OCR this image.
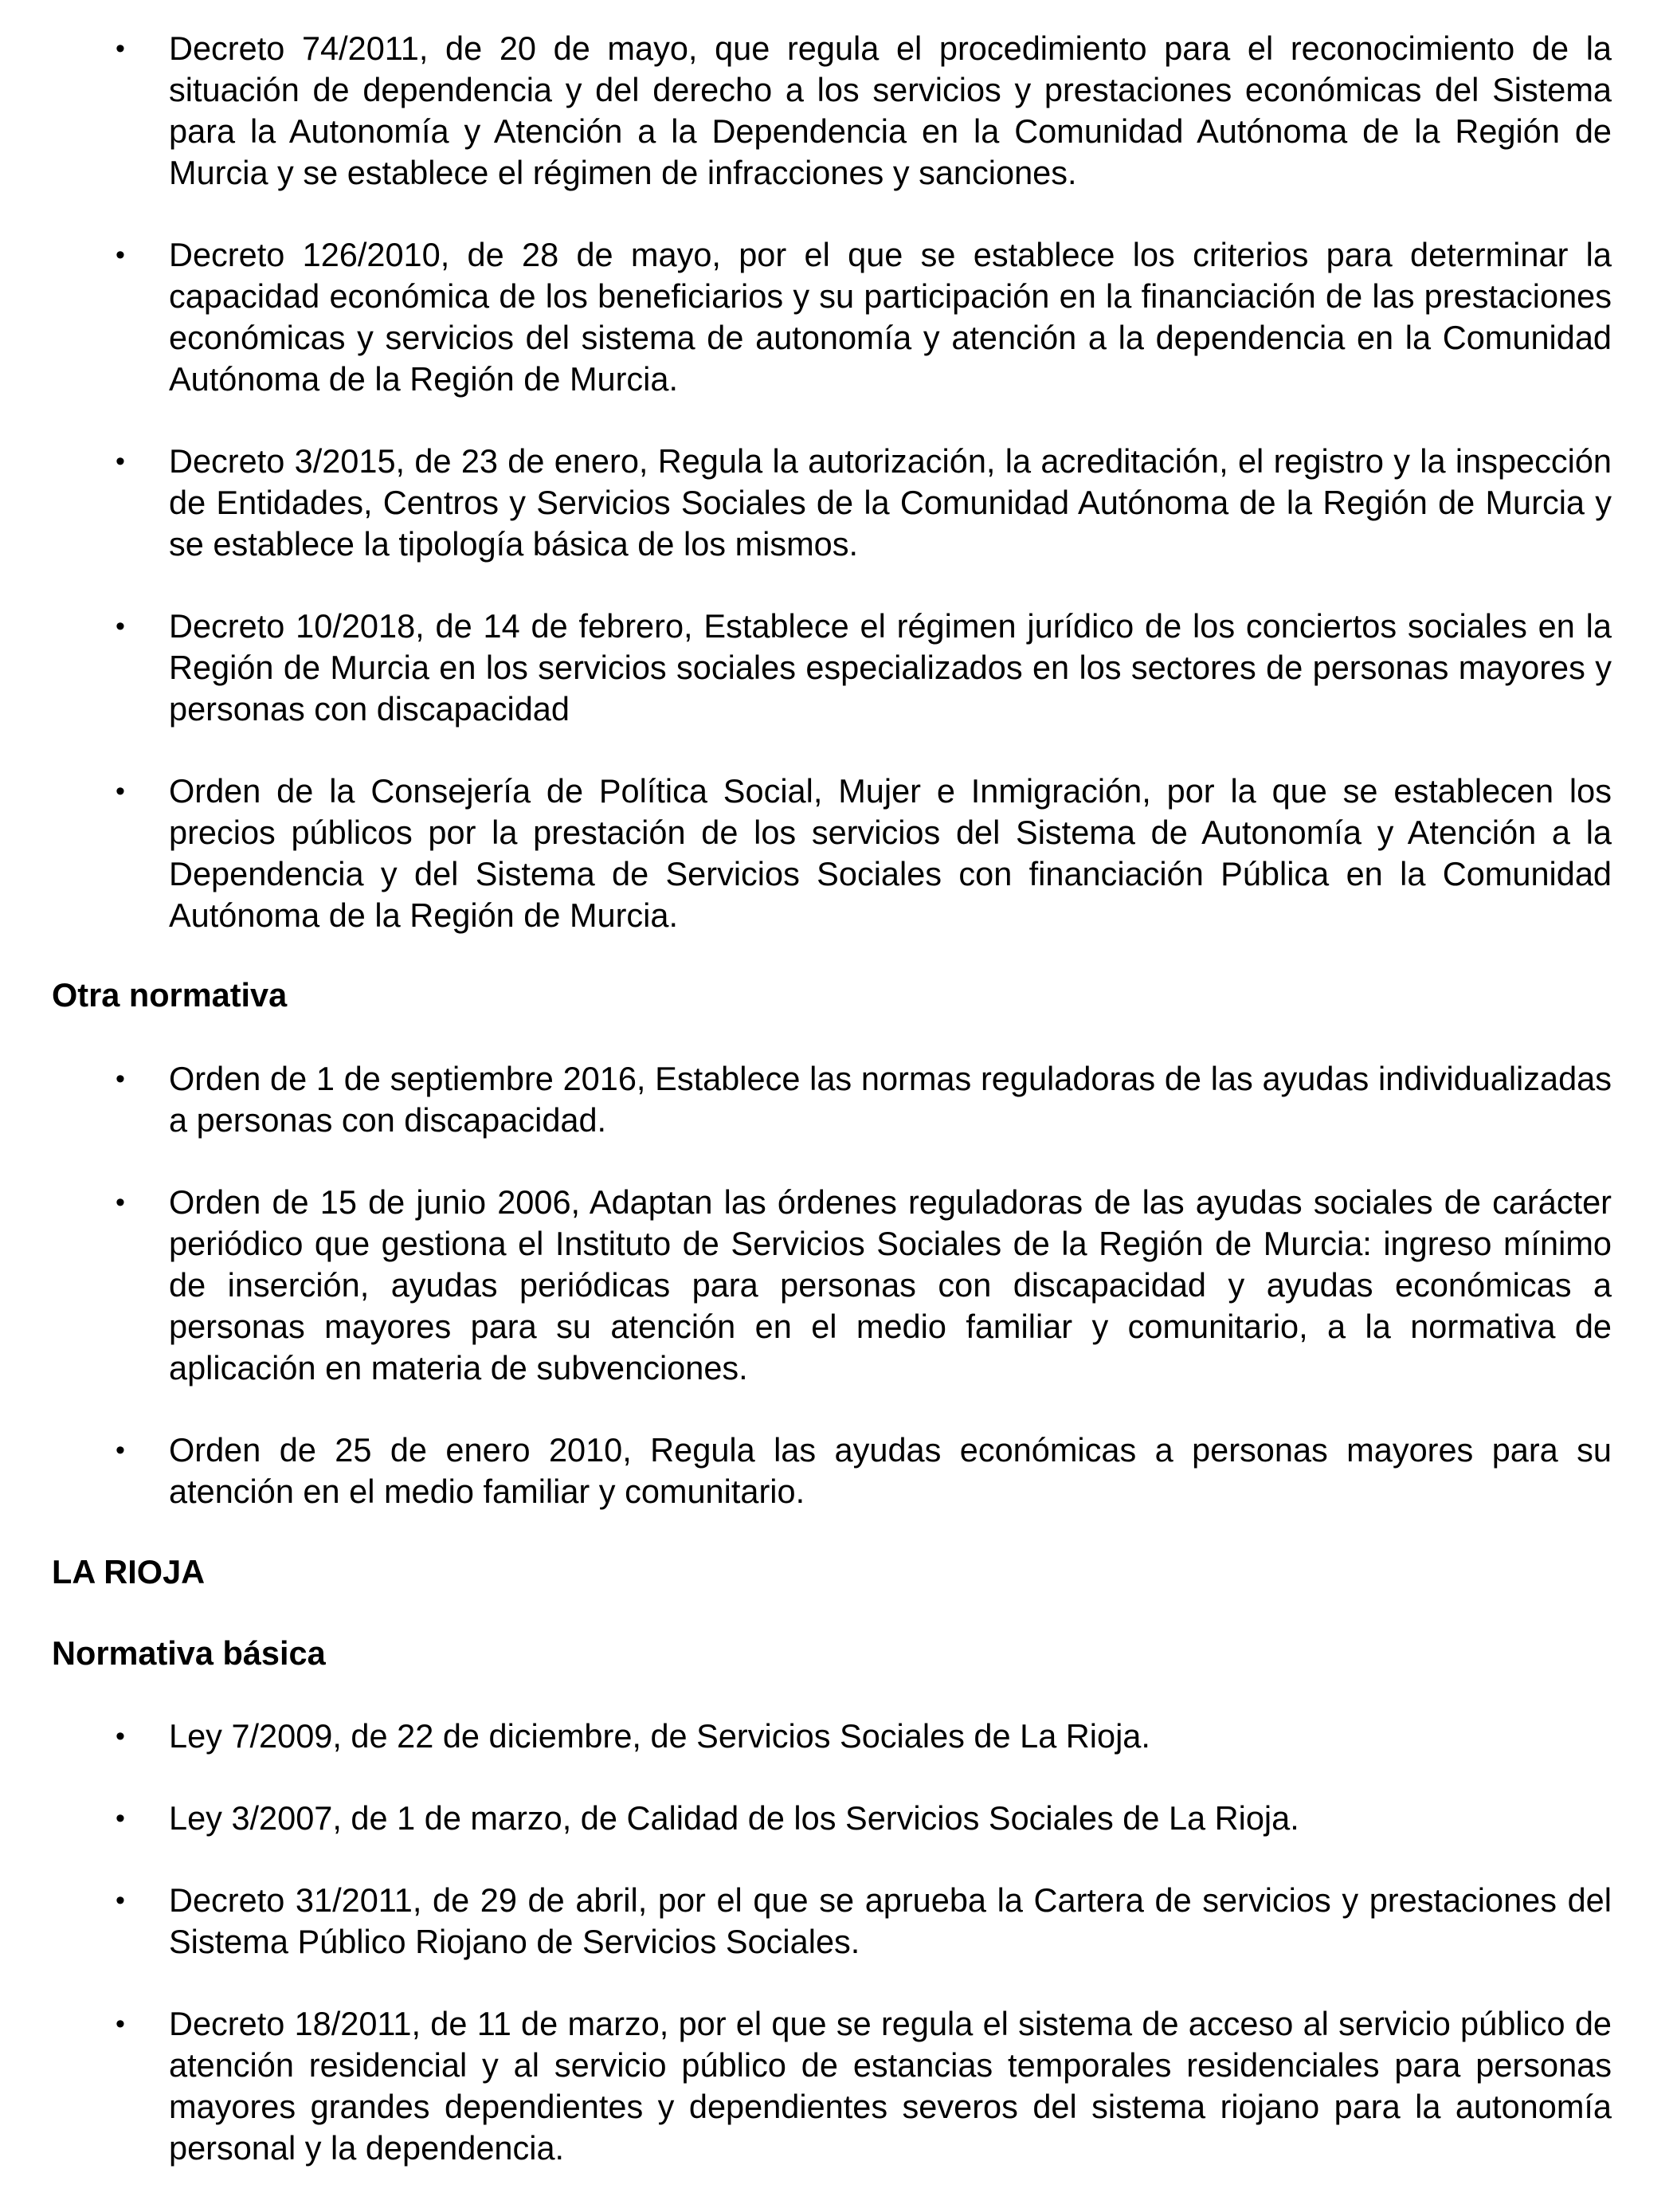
• Decreto 74/2011, de 20 de mayo, que regula el procedimiento para el reconocimiento de la situación de dependencia y del derecho a los servicios y prestaciones económicas del Sistema para la Autonomía y Atención a la Dependencia en la Comunidad Autónoma de la Región de Murcia y se establece el régimen de infracciones y sanciones.

• Decreto 126/2010, de 28 de mayo, por el que se establece los criterios para determinar la capacidad económica de los beneficiarios y su participación en la financiación de las prestaciones económicas y servicios del sistema de autonomía y atención a la dependencia en la Comunidad Autónoma de la Región de Murcia.

• Decreto 3/2015, de 23 de enero, Regula la autorización, la acreditación, el registro y la inspección de Entidades, Centros y Servicios Sociales de la Comunidad Autónoma de la Región de Murcia y se establece la tipología básica de los mismos.

• Decreto 10/2018, de 14 de febrero, Establece el régimen jurídico de los conciertos sociales en la Región de Murcia en los servicios sociales especializados en los sectores de personas mayores y personas con discapacidad

• Orden de la Consejería de Política Social, Mujer e Inmigración, por la que se establecen los precios públicos por la prestación de los servicios del Sistema de Autonomía y Atención a la Dependencia y del Sistema de Servicios Sociales con financiación Pública en la Comunidad Autónoma de la Región de Murcia.

Otra normativa
• Orden de 1 de septiembre 2016, Establece las normas reguladoras de las ayudas individualizadas a personas con discapacidad.

• Orden de 15 de junio 2006, Adaptan las órdenes reguladoras de las ayudas sociales de carácter periódico que gestiona el Instituto de Servicios Sociales de la Región de Murcia: ingreso mínimo de inserción, ayudas periódicas para personas con discapacidad y ayudas económicas a personas mayores para su atención en el medio familiar y comunitario, a la normativa de aplicación en materia de subvenciones.

• Orden de 25 de enero 2010, Regula las ayudas económicas a personas mayores para su atención en el medio familiar y comunitario.

LA RIOJA
Normativa básica
• Ley 7/2009, de 22 de diciembre, de Servicios Sociales de La Rioja.

• Ley 3/2007, de 1 de marzo, de Calidad de los Servicios Sociales de La Rioja.

• Decreto 31/2011, de 29 de abril, por el que se aprueba la Cartera de servicios y prestaciones del Sistema Público Riojano de Servicios Sociales.

• Decreto 18/2011, de 11 de marzo, por el que se regula el sistema de acceso al servicio público de atención residencial y al servicio público de estancias temporales residenciales para personas mayores grandes dependientes y dependientes severos del sistema riojano para la autonomía personal y la dependencia.
